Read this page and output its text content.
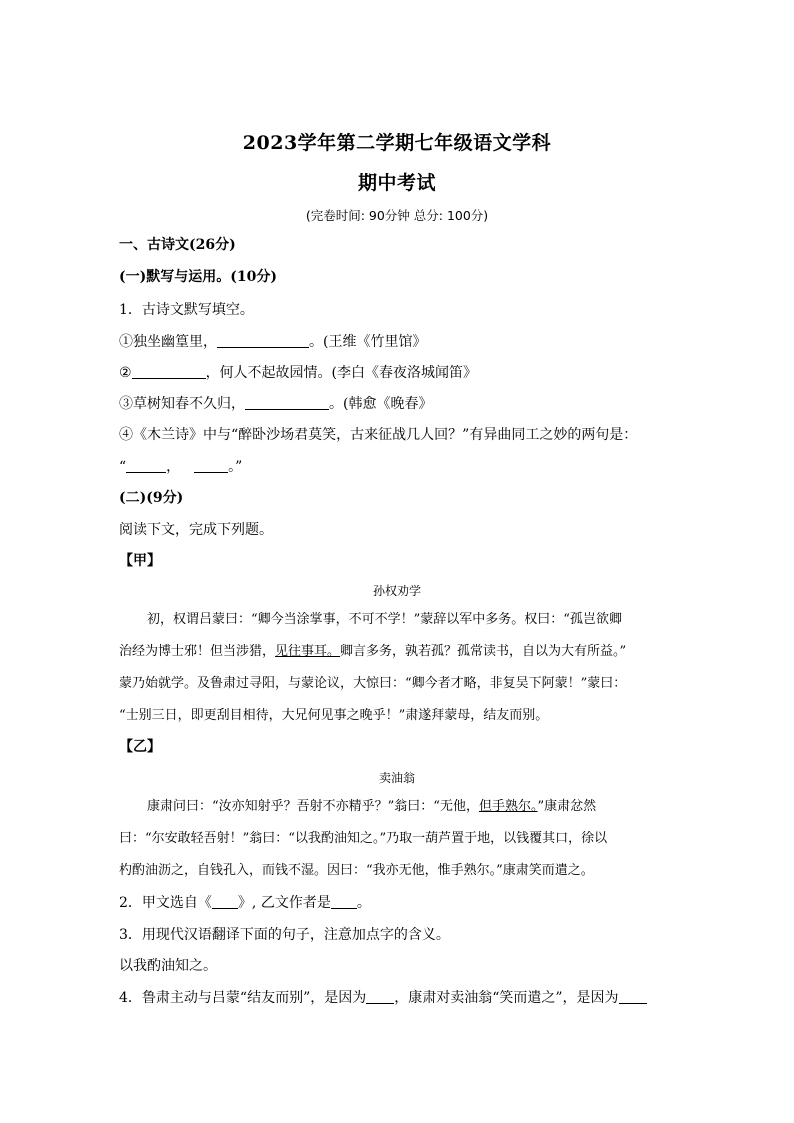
2023学年第二学期七年级语文学科
期中考试
(完卷时间: 90分钟 总分: 100分)
一、古诗文(26分)
(一)默写与运用。(10分)
1．古诗文默写填空。
①独坐幽篁里，	。(王维《竹里馆》
②	，何人不起故园情。(李白《春夜洛城闻笛》
③草树知春不久归，	。(韩愈《晚春》
④《木兰诗》中与“醉卧沙场君莫笑，古来征战几人回？”有异曲同工之妙的两句是：
“	，	。”
(二)(9分)
阅读下文，完成下列题。
【甲】
孙权劝学
初，权谓吕蒙曰：“卿今当涂掌事，不可不学！”蒙辞以军中多务。权曰：“孤岂欲卿
治经为博士邪！但当涉猎，见往事耳。卿言多务，孰若孤？孤常读书，自以为大有所益。”
蒙乃始就学。及鲁肃过寻阳，与蒙论议，大惊曰：“卿今者才略，非复吴下阿蒙！”蒙曰：
“士别三日，即更刮目相待，大兄何见事之晚乎！”肃遂拜蒙母，结友而别。
【乙】
卖油翁
康肃问曰：“汝亦知射乎？吾射不亦精乎？”翁曰：“无他，但手熟尔。”康肃忿然
曰：“尔安敢轻吾射！”翁曰：“以我酌油知之。”乃取一葫芦置于地，以钱覆其口，徐以
杓酌油沥之，自钱孔入，而钱不湿。因曰：“我亦无他，惟手熟尔。”康肃笑而遣之。
2．甲文选自《 》, 乙文作者是 。
3．用现代汉语翻译下面的句子，注意加点字的含义。
以我酌油知之。
4．鲁肃主动与吕蒙“结友而别”，是因为 ，康肃对卖油翁“笑而遣之”，是因为
